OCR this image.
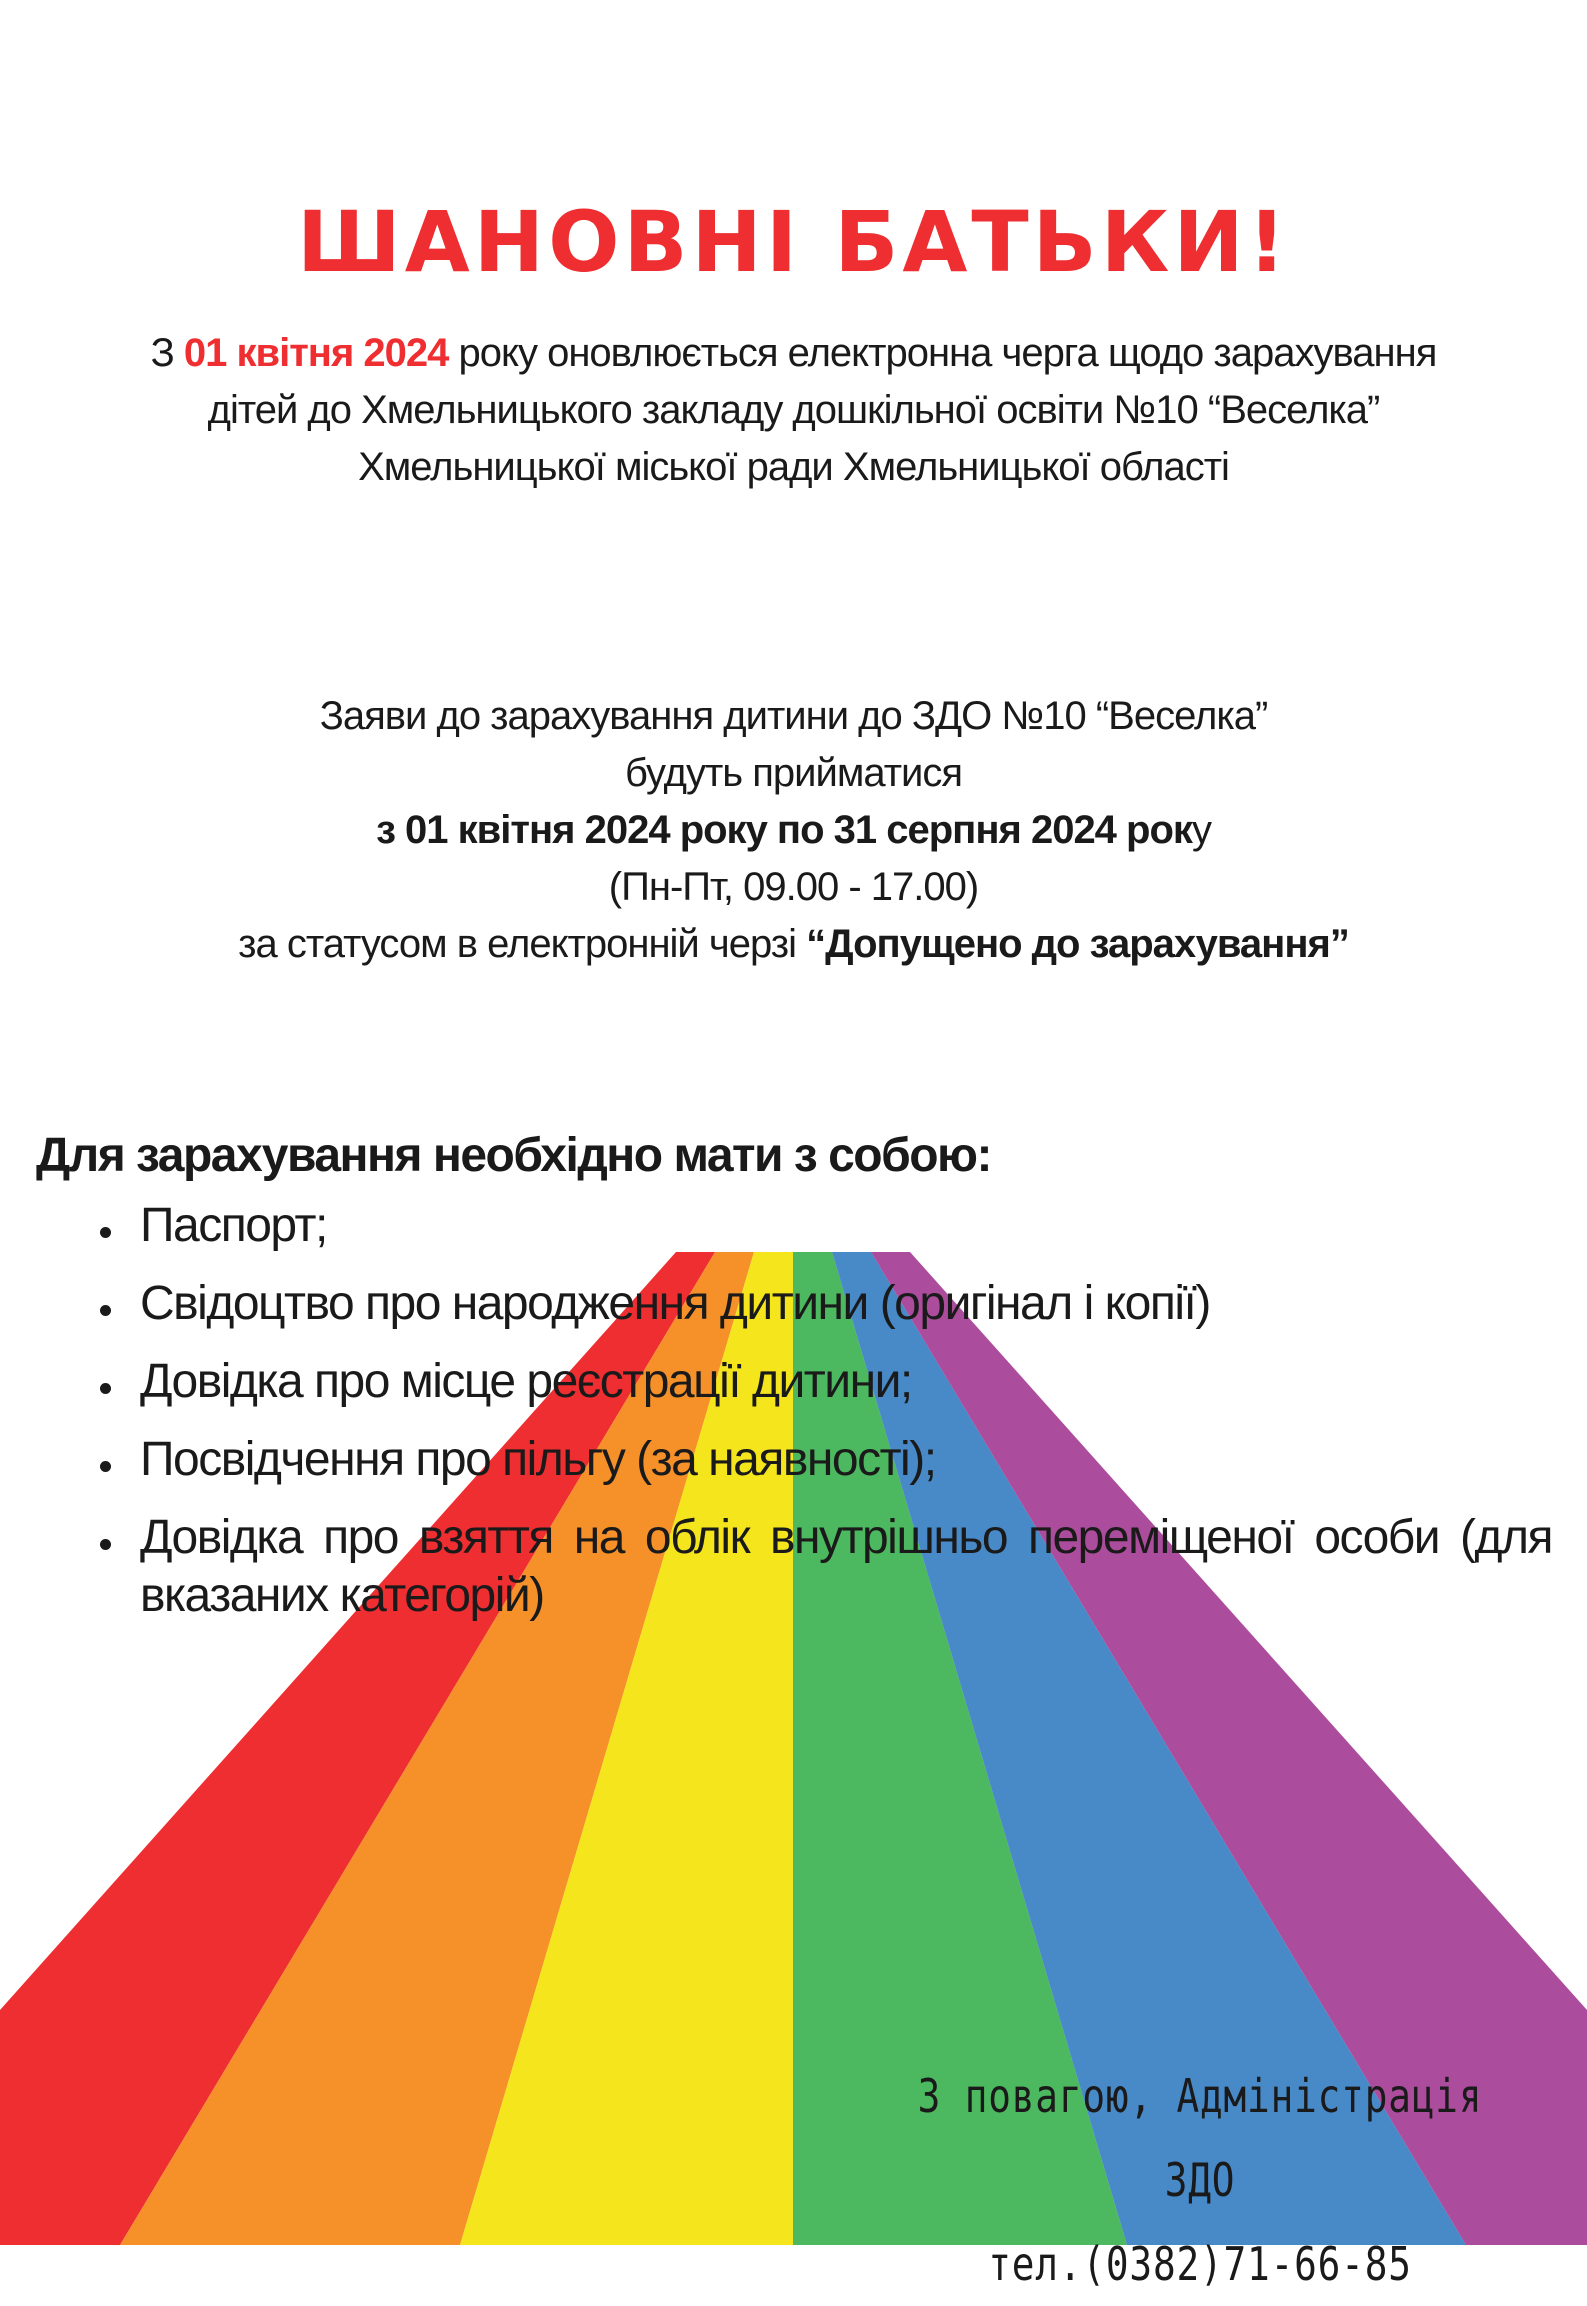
ШАНОВНІ БАТЬКИ!
З 01 квітня 2024 року оновлюється електронна черга щодо зарахування дітей до Хмельницького закладу дошкільної освіти №10 “Веселка” Хмельницької міської ради Хмельницької області
Заяви до зарахування дитини до ЗДО №10 “Веселка”
будуть прийматися
з 01 квітня 2024 року по 31 серпня 2024 року
(Пн-Пт, 09.00 - 17.00)
за статусом в електронній черзі “Допущено до зарахування”
Для зарахування необхідно мати з собою:
Паспорт;
Свідоцтво про народження дитини (оригінал і копії)
Довідка про місце реєстрації дитини;
Посвідчення про пільгу (за наявності);
Довідка про взяття на облік внутрішньо переміщеної особи (для вказаних категорій)
З повагою, Адміністрація ЗДО
тел.(0382)71-66-85
